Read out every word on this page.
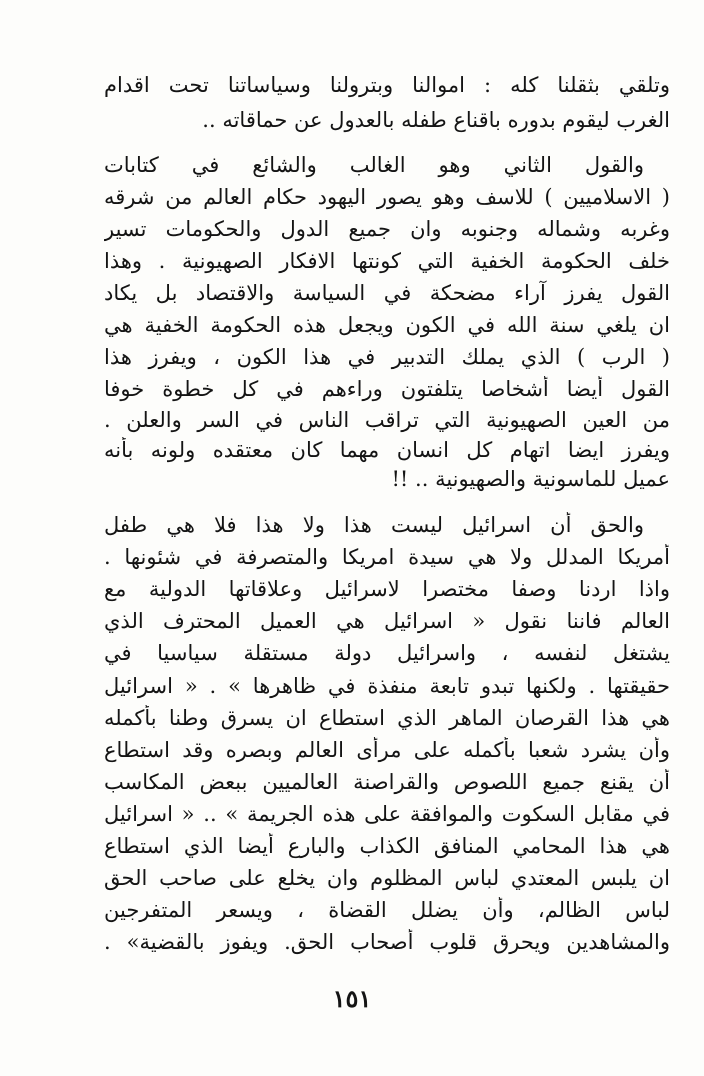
وتلقي بثقلنا كله : اموالنا وبترولنا وسياساتنا تحت اقدام
الغرب ليقوم بدوره باقناع طفله بالعدول عن حماقاته ..
والقول الثاني وهو الغالب والشائع في كتابات
( الاسلاميين ) للاسف وهو يصور اليهود حكام العالم من شرقه
وغربه وشماله وجنوبه وان جميع الدول والحكومات تسير
خلف الحكومة الخفية التي كونتها الافكار الصهيونية . وهذا
القول يفرز آراء مضحكة في السياسة والاقتصاد بل يكاد
ان يلغي سنة الله في الكون ويجعل هذه الحكومة الخفية هي
( الرب ) الذي يملك التدبير في هذا الكون ، ويفرز هذا
القول أيضا أشخاصا يتلفتون وراءهم في كل خطوة خوفا
من العين الصهيونية التي تراقب الناس في السر والعلن .
ويفرز ايضا اتهام كل انسان مهما كان معتقده ولونه بأنه
عميل للماسونية والصهيونية .. !!
والحق أن اسرائيل ليست هذا ولا هذا فلا هي طفل
أمريكا المدلل ولا هي سيدة امريكا والمتصرفة في شئونها .
واذا اردنا وصفا مختصرا لاسرائيل وعلاقاتها الدولية مع
العالم فاننا نقول « اسرائيل هي العميل المحترف الذي
يشتغل لنفسه ، واسرائيل دولة مستقلة سياسيا في
حقيقتها . ولكنها تبدو تابعة منفذة في ظاهرها » . « اسرائيل
هي هذا القرصان الماهر الذي استطاع ان يسرق وطنا بأكمله
وأن يشرد شعبا بأكمله على مرأى العالم وبصره وقد استطاع
أن يقنع جميع اللصوص والقراصنة العالميين ببعض المكاسب
في مقابل السكوت والموافقة على هذه الجريمة » .. « اسرائيل
هي هذا المحامي المنافق الكذاب والبارع أيضا الذي استطاع
ان يلبس المعتدي لباس المظلوم وان يخلع على صاحب الحق
لباس الظالم، وأن يضلل القضاة ، ويسعر المتفرجين
والمشاهدين ويحرق قلوب أصحاب الحق. ويفوز بالقضية» .
١٥١
